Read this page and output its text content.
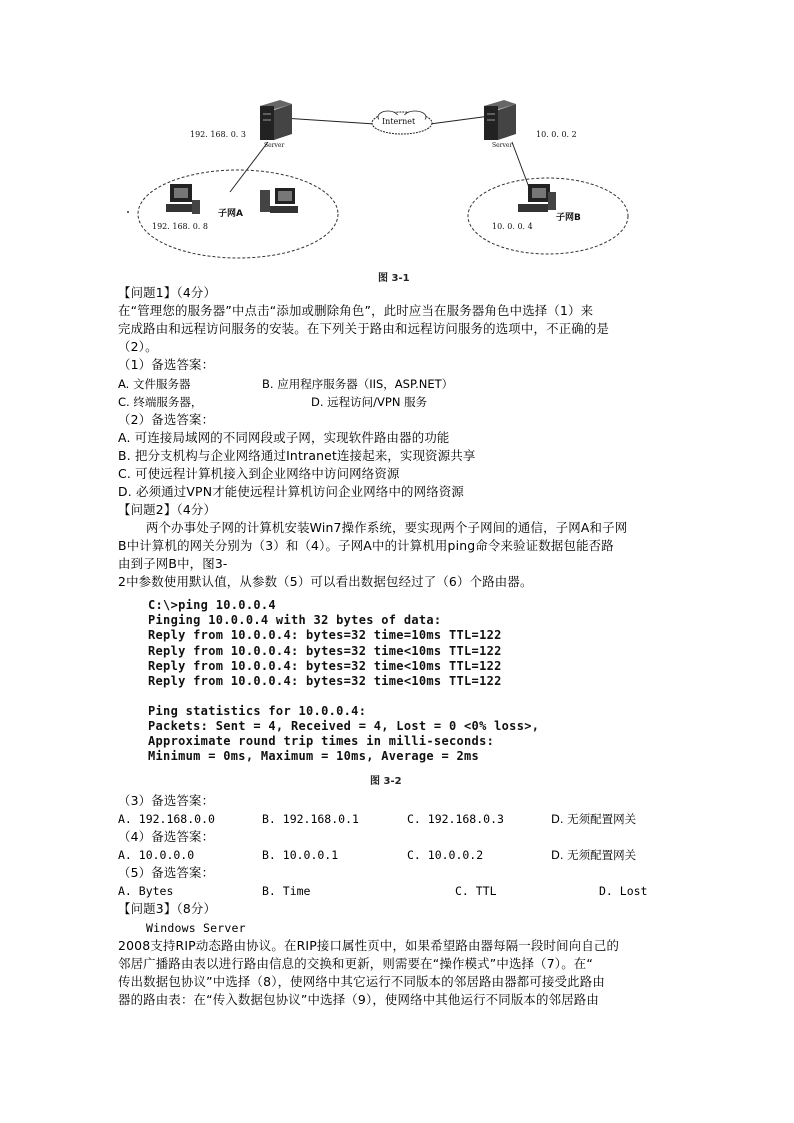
Internet
Server	Server
192. 168. 0. 3	10. 0. 0. 2
子网A
192. 168. 0. 8
子网B
10. 0. 0. 4
图 3-1
【问题1】（4分）
在“管理您的服务器”中点击“添加或删除角色”，此时应当在服务器角色中选择（1）来
完成路由和远程访问服务的安装。在下列关于路由和远程访问服务的选项中，不正确的是
（2）。
（1）备选答案：
A. 文件服务器	B. 应用程序服务器（IIS，ASP.NET）
C. 终端服务器，	D. 远程访问/VPN 服务
（2）备选答案：
A. 可连接局域网的不同网段或子网，实现软件路由器的功能
B. 把分支机构与企业网络通过Intranet连接起来，实现资源共享
C. 可使远程计算机接入到企业网络中访问网络资源
D. 必须通过VPN才能使远程计算机访问企业网络中的网络资源
【问题2】（4分）
两个办事处子网的计算机安装Win7操作系统，要实现两个子网间的通信，子网A和子网
B中计算机的网关分别为（3）和（4）。子网A中的计算机用ping命令来验证数据包能否路
由到子网B中，图3-
2中参数使用默认值，从参数（5）可以看出数据包经过了（6）个路由器。
C:\>ping 10.0.0.4
Pinging 10.0.0.4 with 32 bytes of data:
Reply from 10.0.0.4: bytes=32 time=10ms TTL=122
Reply from 10.0.0.4: bytes=32 time<10ms TTL=122
Reply from 10.0.0.4: bytes=32 time<10ms TTL=122
Reply from 10.0.0.4: bytes=32 time<10ms TTL=122
Ping statistics for 10.0.0.4:
Packets: Sent = 4, Received = 4, Lost = 0 <0% loss>,
Approximate round trip times in milli-seconds:
Minimum = 0ms, Maximum = 10ms, Average = 2ms
图 3-2
（3）备选答案：
A. 192.168.0.0	B. 192.168.0.1	C. 192.168.0.3	D. 无须配置网关
（4）备选答案：
A. 10.0.0.0	B. 10.0.0.1	C. 10.0.0.2	D. 无须配置网关
（5）备选答案：
A. Bytes	B. Time	C. TTL	D. Lost
【问题3】（8分）
Windows Server
2008支持RIP动态路由协议。在RIP接口属性页中，如果希望路由器每隔一段时间向自己的
邻居广播路由表以进行路由信息的交换和更新，则需要在“操作模式”中选择（7）。在“
传出数据包协议”中选择（8），使网络中其它运行不同版本的邻居路由器都可接受此路由
器的路由表：在“传入数据包协议”中选择（9），使网络中其他运行不同版本的邻居路由
